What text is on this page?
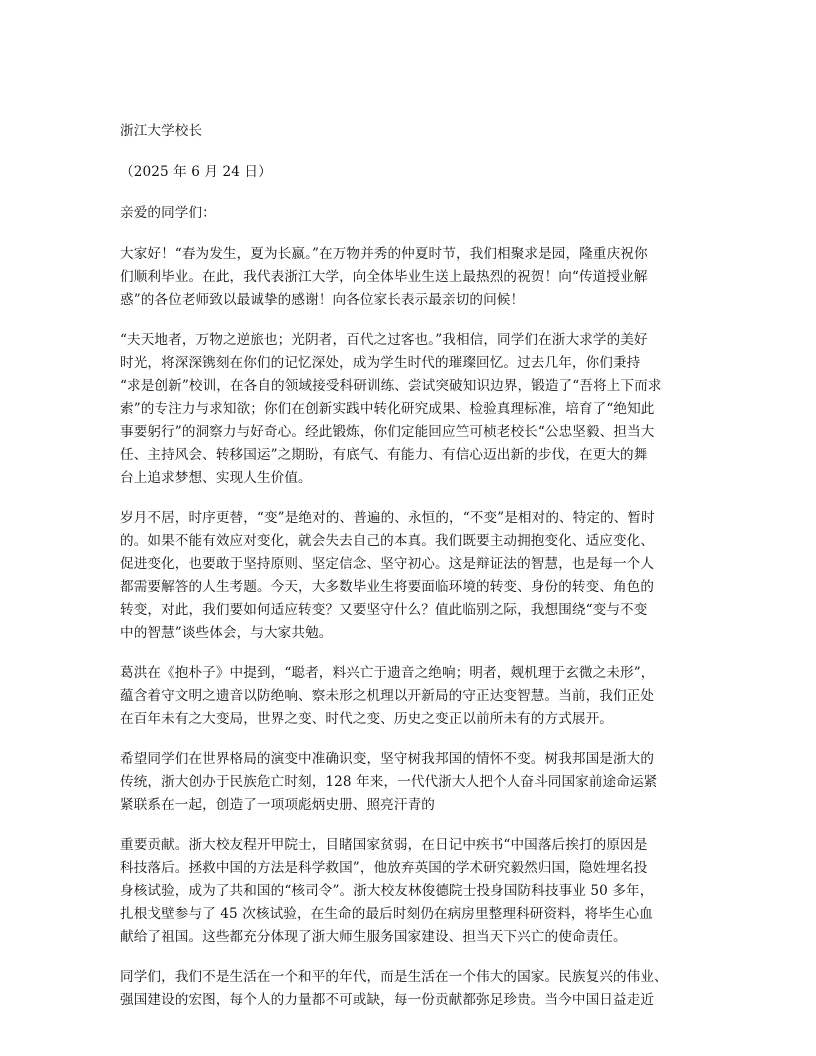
浙江大学校长

（2025 年 6 月 24 日）

亲爱的同学们：

大家好！“春为发生，夏为长嬴。”在万物并秀的仲夏时节，我们相聚求是园，隆重庆祝你
们顺利毕业。在此，我代表浙江大学，向全体毕业生送上最热烈的祝贺！向“传道授业解
惑”的各位老师致以最诚挚的感谢！向各位家长表示最亲切的问候！
“夫天地者，万物之逆旅也；光阴者，百代之过客也。”我相信，同学们在浙大求学的美好
时光，将深深镌刻在你们的记忆深处，成为学生时代的璀璨回忆。过去几年，你们秉持
“求是创新”校训，在各自的领域接受科研训练、尝试突破知识边界，锻造了“吾将上下而求
索”的专注力与求知欲；你们在创新实践中转化研究成果、检验真理标准，培育了“绝知此
事要躬行”的洞察力与好奇心。经此锻炼，你们定能回应竺可桢老校长“公忠坚毅、担当大
任、主持风会、转移国运”之期盼，有底气、有能力、有信心迈出新的步伐，在更大的舞
台上追求梦想、实现人生价值。
岁月不居，时序更替，“变”是绝对的、普遍的、永恒的，“不变”是相对的、特定的、暂时
的。如果不能有效应对变化，就会失去自己的本真。我们既要主动拥抱变化、适应变化、
促进变化，也要敢于坚持原则、坚定信念、坚守初心。这是辩证法的智慧，也是每一个人
都需要解答的人生考题。今天，大多数毕业生将要面临环境的转变、身份的转变、角色的
转变，对此，我们要如何适应转变？又要坚守什么？值此临别之际，我想围绕“变与不变
中的智慧”谈些体会，与大家共勉。
葛洪在《抱朴子》中提到，“聪者，料兴亡于遗音之绝响；明者，觌机理于玄微之未形”，
蕴含着守文明之遗音以防绝响、察未形之机理以开新局的守正达变智慧。当前，我们正处
在百年未有之大变局，世界之变、时代之变、历史之变正以前所未有的方式展开。
希望同学们在世界格局的演变中准确识变，坚守树我邦国的情怀不变。树我邦国是浙大的
传统，浙大创办于民族危亡时刻，128 年来，一代代浙大人把个人奋斗同国家前途命运紧
紧联系在一起，创造了一项项彪炳史册、照亮汗青的
重要贡献。浙大校友程开甲院士，目睹国家贫弱，在日记中疾书“中国落后挨打的原因是
科技落后。拯救中国的方法是科学救国”，他放弃英国的学术研究毅然归国，隐姓埋名投
身核试验，成为了共和国的“核司令”。浙大校友林俊德院士投身国防科技事业 50 多年，
扎根戈壁参与了 45 次核试验，在生命的最后时刻仍在病房里整理科研资料，将毕生心血
献给了祖国。这些都充分体现了浙大师生服务国家建设、担当天下兴亡的使命责任。
同学们，我们不是生活在一个和平的年代，而是生活在一个伟大的国家。民族复兴的伟业、
强国建设的宏图，每个人的力量都不可或缺，每一份贡献都弥足珍贵。当今中国日益走近
